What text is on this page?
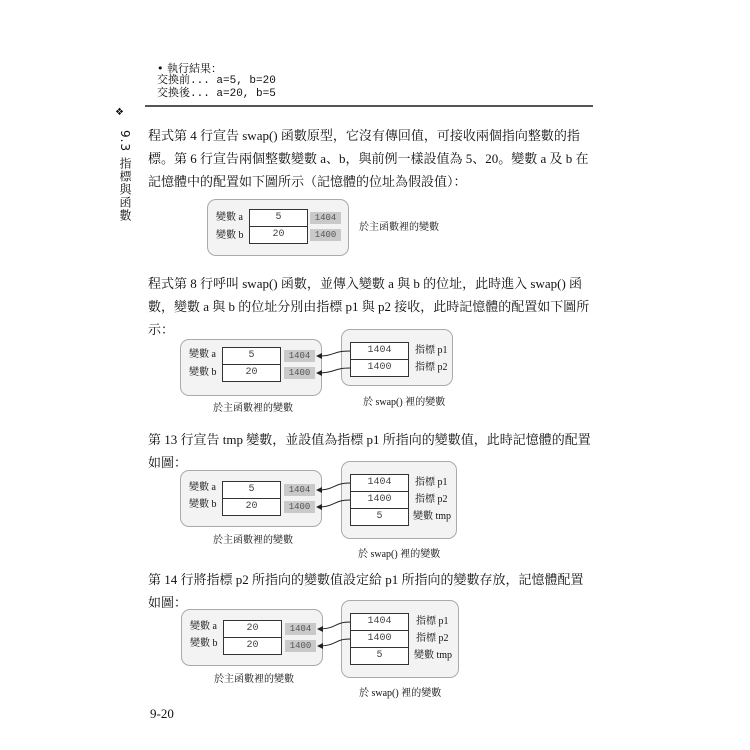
• 執行結果：
交換前... a=5, b=20
交換後... a=20, b=5
❖
9.3 指標與函數 程式第 4 行宣告 swap() 函數原型，它沒有傳回值，可接收兩個指向整數的指標。第 6 行宣告兩個整數變數 a、b，與前例一樣設值為 5、20。變數 a 及 b 在記憶體中的配置如下圖所示（記憶體的位址為假設值）：
變數 a
變數 b
5
20
1404
1400
於主函數裡的變數
程式第 8 行呼叫 swap() 函數，並傳入變數 a 與 b 的位址，此時進入 swap() 函數，變數 a 與 b 的位址分別由指標 p1 與 p2 接收，此時記憶體的配置如下圖所示：
變數 a
變數 b
5
20
1404
1400
於主函數裡的變數
1404
1400
指標 p1
指標 p2
於 swap() 裡的變數
第 13 行宣告 tmp 變數，並設值為指標 p1 所指向的變數值，此時記憶體的配置如圖：
變數 a
變數 b
5
20
1404
1400
於主函數裡的變數
1404
1400
5
指標 p1
指標 p2
變數 tmp
於 swap() 裡的變數
第 14 行將指標 p2 所指向的變數值設定給 p1 所指向的變數存放，記憶體配置如圖：
變數 a
變數 b
20
20
1404
1400
於主函數裡的變數
1404
1400
5
指標 p1
指標 p2
變數 tmp
於 swap() 裡的變數
9-20
